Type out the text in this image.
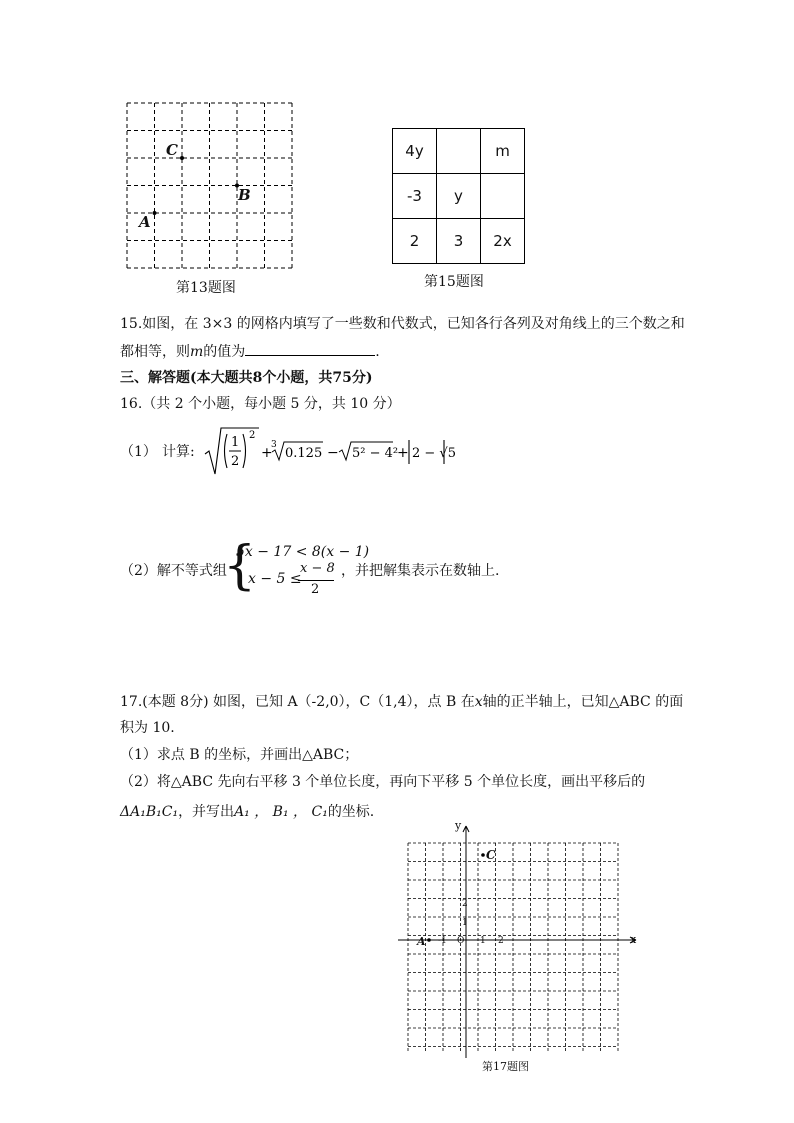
C
B
A
第13题图
4y		m
-3	y	
2	3	2x
第15题图
15.如图，在 3×3 的网格内填写了一些数和代数式，已知各行各列及对角线上的三个数之和
都相等，则m的值为	.
三、解答题(本大题共8个小题，共75分)
16.（共 2 个小题，每小题 5 分，共 10 分）
（1） 计算:
1
2
2
+
3
0.125 − 5² − 4²
+ 2 − √5
（2）解不等式组
{
5x − 17 < 8(x − 1)
x − 5 ≤
x − 8
2
，并把解集表示在数轴上.
17.(本题 8分) 如图，已知 A（-2,0），C（1,4），点 B 在x轴的正半轴上，已知△ABC 的面
积为 10.
（1）求点 B 的坐标，并画出△ABC；
（2）将△ABC 先向右平移 3 个单位长度，再向下平移 5 个单位长度，画出平移后的
ΔA₁B₁C₁，并写出A₁ ， B₁ ， C₁的坐标.
y
x
C
A -1 O 1 2
2
1
第17题图
